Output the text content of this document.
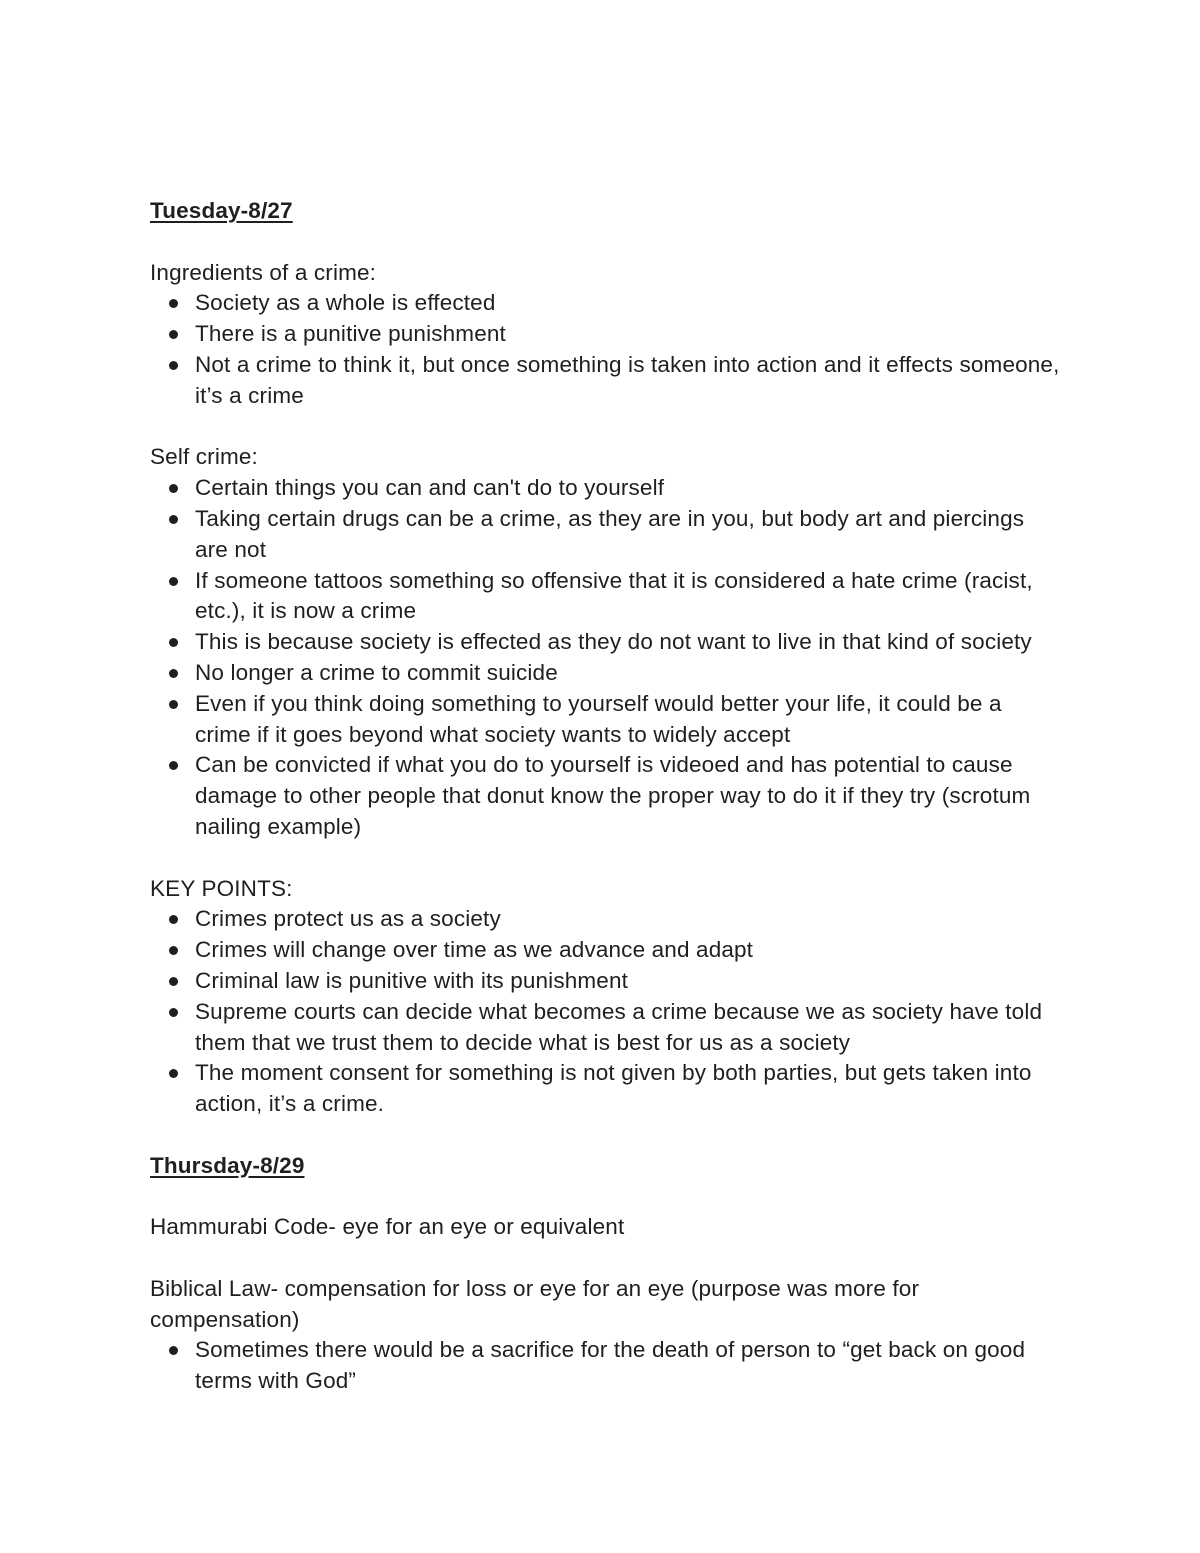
Tuesday-8/27

Ingredients of a crime:

Society as a whole is effected
There is a punitive punishment
Not a crime to think it, but once something is taken into action and it effects someone, it’s a crime

Self crime:

Certain things you can and can't do to yourself
Taking certain drugs can be a crime, as they are in you, but body art and piercings are not
If someone tattoos something so offensive that it is considered a hate crime (racist, etc.), it is now a crime
This is because society is effected as they do not want to live in that kind of society
No longer a crime to commit suicide
Even if you think doing something to yourself would better your life, it could be a crime if it goes beyond what society wants to widely accept
Can be convicted if what you do to yourself is videoed and has potential to cause damage to other people that donut know the proper way to do it if they try (scrotum nailing example)

KEY POINTS:

Crimes protect us as a society
Crimes will change over time as we advance and adapt
Criminal law is punitive with its punishment
Supreme courts can decide what becomes a crime because we as society have told them that we trust them to decide what is best for us as a society
The moment consent for something is not given by both parties, but gets taken into action, it’s a crime.

Thursday-8/29

Hammurabi Code- eye for an eye or equivalent

Biblical Law- compensation for loss or eye for an eye (purpose was more for compensation)

Sometimes there would be a sacrifice for the death of person to “get back on good terms with God”
